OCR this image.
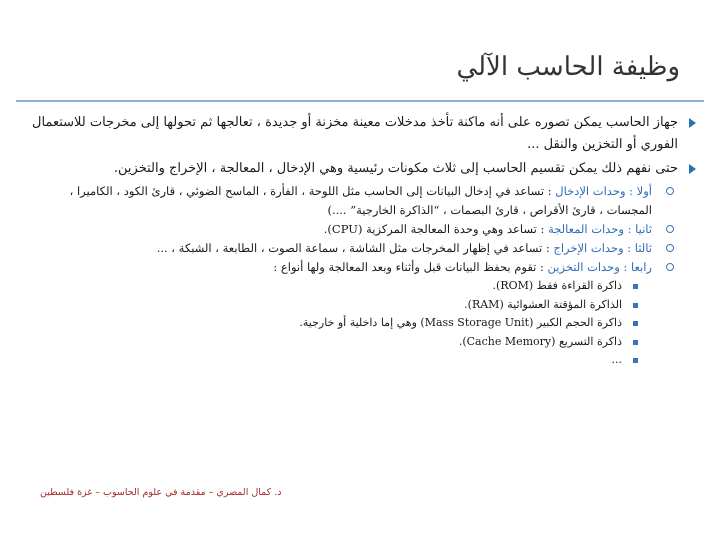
وظيفة الحاسب الآلي
جهاز الحاسب يمكن تصوره على أنه ماكنة تأخذ مدخلات معينة مخزنة أو جديدة ، تعالجها ثم تحولها إلى مخرجات للاستعمال الفوري أو التخزين والنقل ...
حتى نفهم ذلك يمكن تقسيم الحاسب إلى ثلاث مكونات رئيسية وهي الإدخال ، المعالجة ، الإخراج والتخزين.
أولا : وحدات الإدخال : تساعد في إدخال البيانات إلى الحاسب مثل اللوحة ، الفأرة ، الماسح الضوئي ، قارئ الكود ، الكاميرا ، المجسات ، قارئ الأقراص ، قارئ البصمات ، “الذاكرة الخارجية” ....)
ثانيا : وحدات المعالجة : تساعد وهي وحدة المعالجة المركزية (CPU).
ثالثا : وحدات الإخراج : تساعد في إظهار المخرجات مثل الشاشة ، سماعة الصوت ، الطابعة ، الشبكة ، ...
رابعا : وحدات التخزين : تقوم بحفظ البيانات قبل وأثناء وبعد المعالجة ولها أنواع :
ذاكرة القراءة فقط (ROM).
الذاكرة المؤقتة العشوائية (RAM).
ذاكرة الحجم الكبير (Mass Storage Unit) وهي إما داخلية أو خارجية.
ذاكرة التسريع (Cache Memory).
...
د. كمال المصري – مقدمة في علوم الحاسوب – غزة فلسطين
